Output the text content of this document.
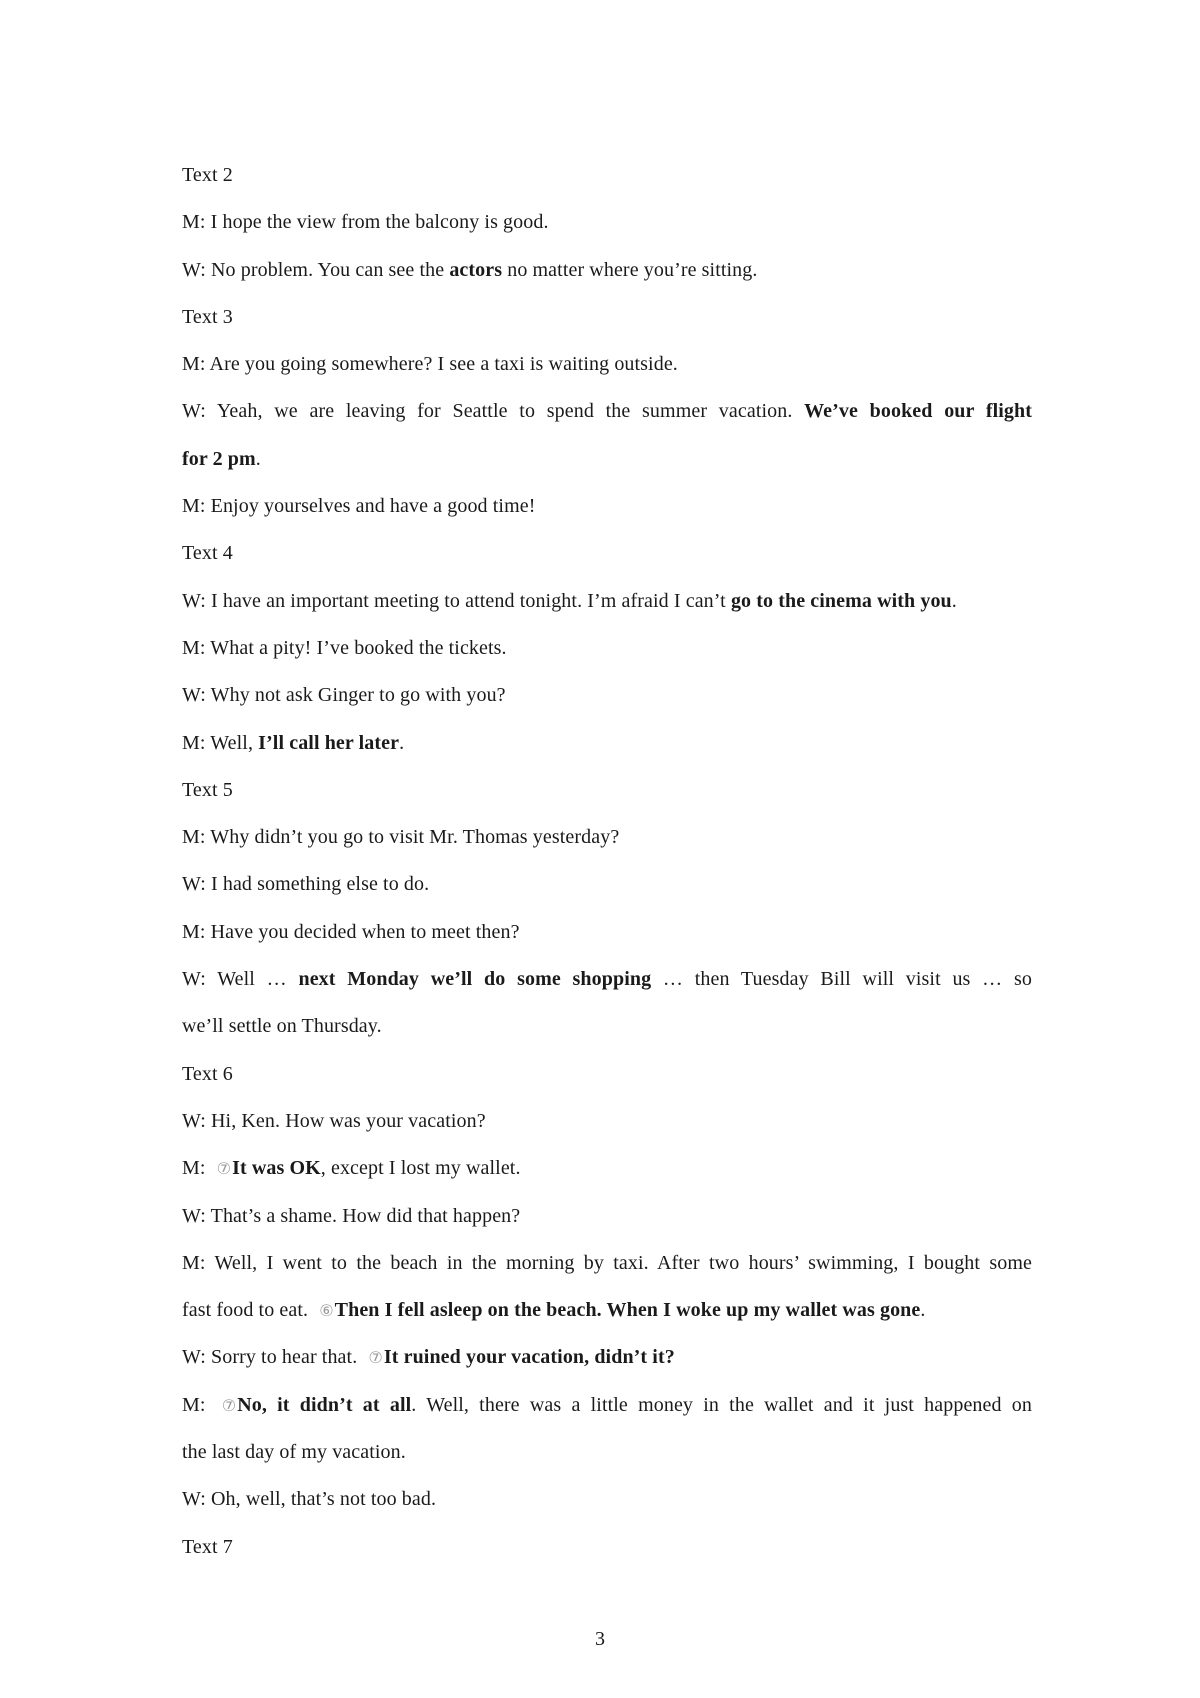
Text 2
M: I hope the view from the balcony is good.
W: No problem. You can see the actors no matter where you’re sitting.
Text 3
M: Are you going somewhere? I see a taxi is waiting outside.
W: Yeah, we are leaving for Seattle to spend the summer vacation. We’ve booked our flight
for 2 pm.
M: Enjoy yourselves and have a good time!
Text 4
W: I have an important meeting to attend tonight. I’m afraid I can’t go to the cinema with you.
M: What a pity! I’ve booked the tickets.
W: Why not ask Ginger to go with you?
M: Well, I’ll call her later.
Text 5
M: Why didn’t you go to visit Mr. Thomas yesterday?
W: I had something else to do.
M: Have you decided when to meet then?
W: Well … next Monday we’ll do some shopping … then Tuesday Bill will visit us … so
we’ll settle on Thursday.
Text 6
W: Hi, Ken. How was your vacation?
M: ⑦It was OK, except I lost my wallet.
W: That’s a shame. How did that happen?
M: Well, I went to the beach in the morning by taxi. After two hours’ swimming, I bought some
fast food to eat. ⑥Then I fell asleep on the beach. When I woke up my wallet was gone.
W: Sorry to hear that. ⑦It ruined your vacation, didn’t it?
M: ⑦No, it didn’t at all. Well, there was a little money in the wallet and it just happened on
the last day of my vacation.
W: Oh, well, that’s not too bad.
Text 7
3
